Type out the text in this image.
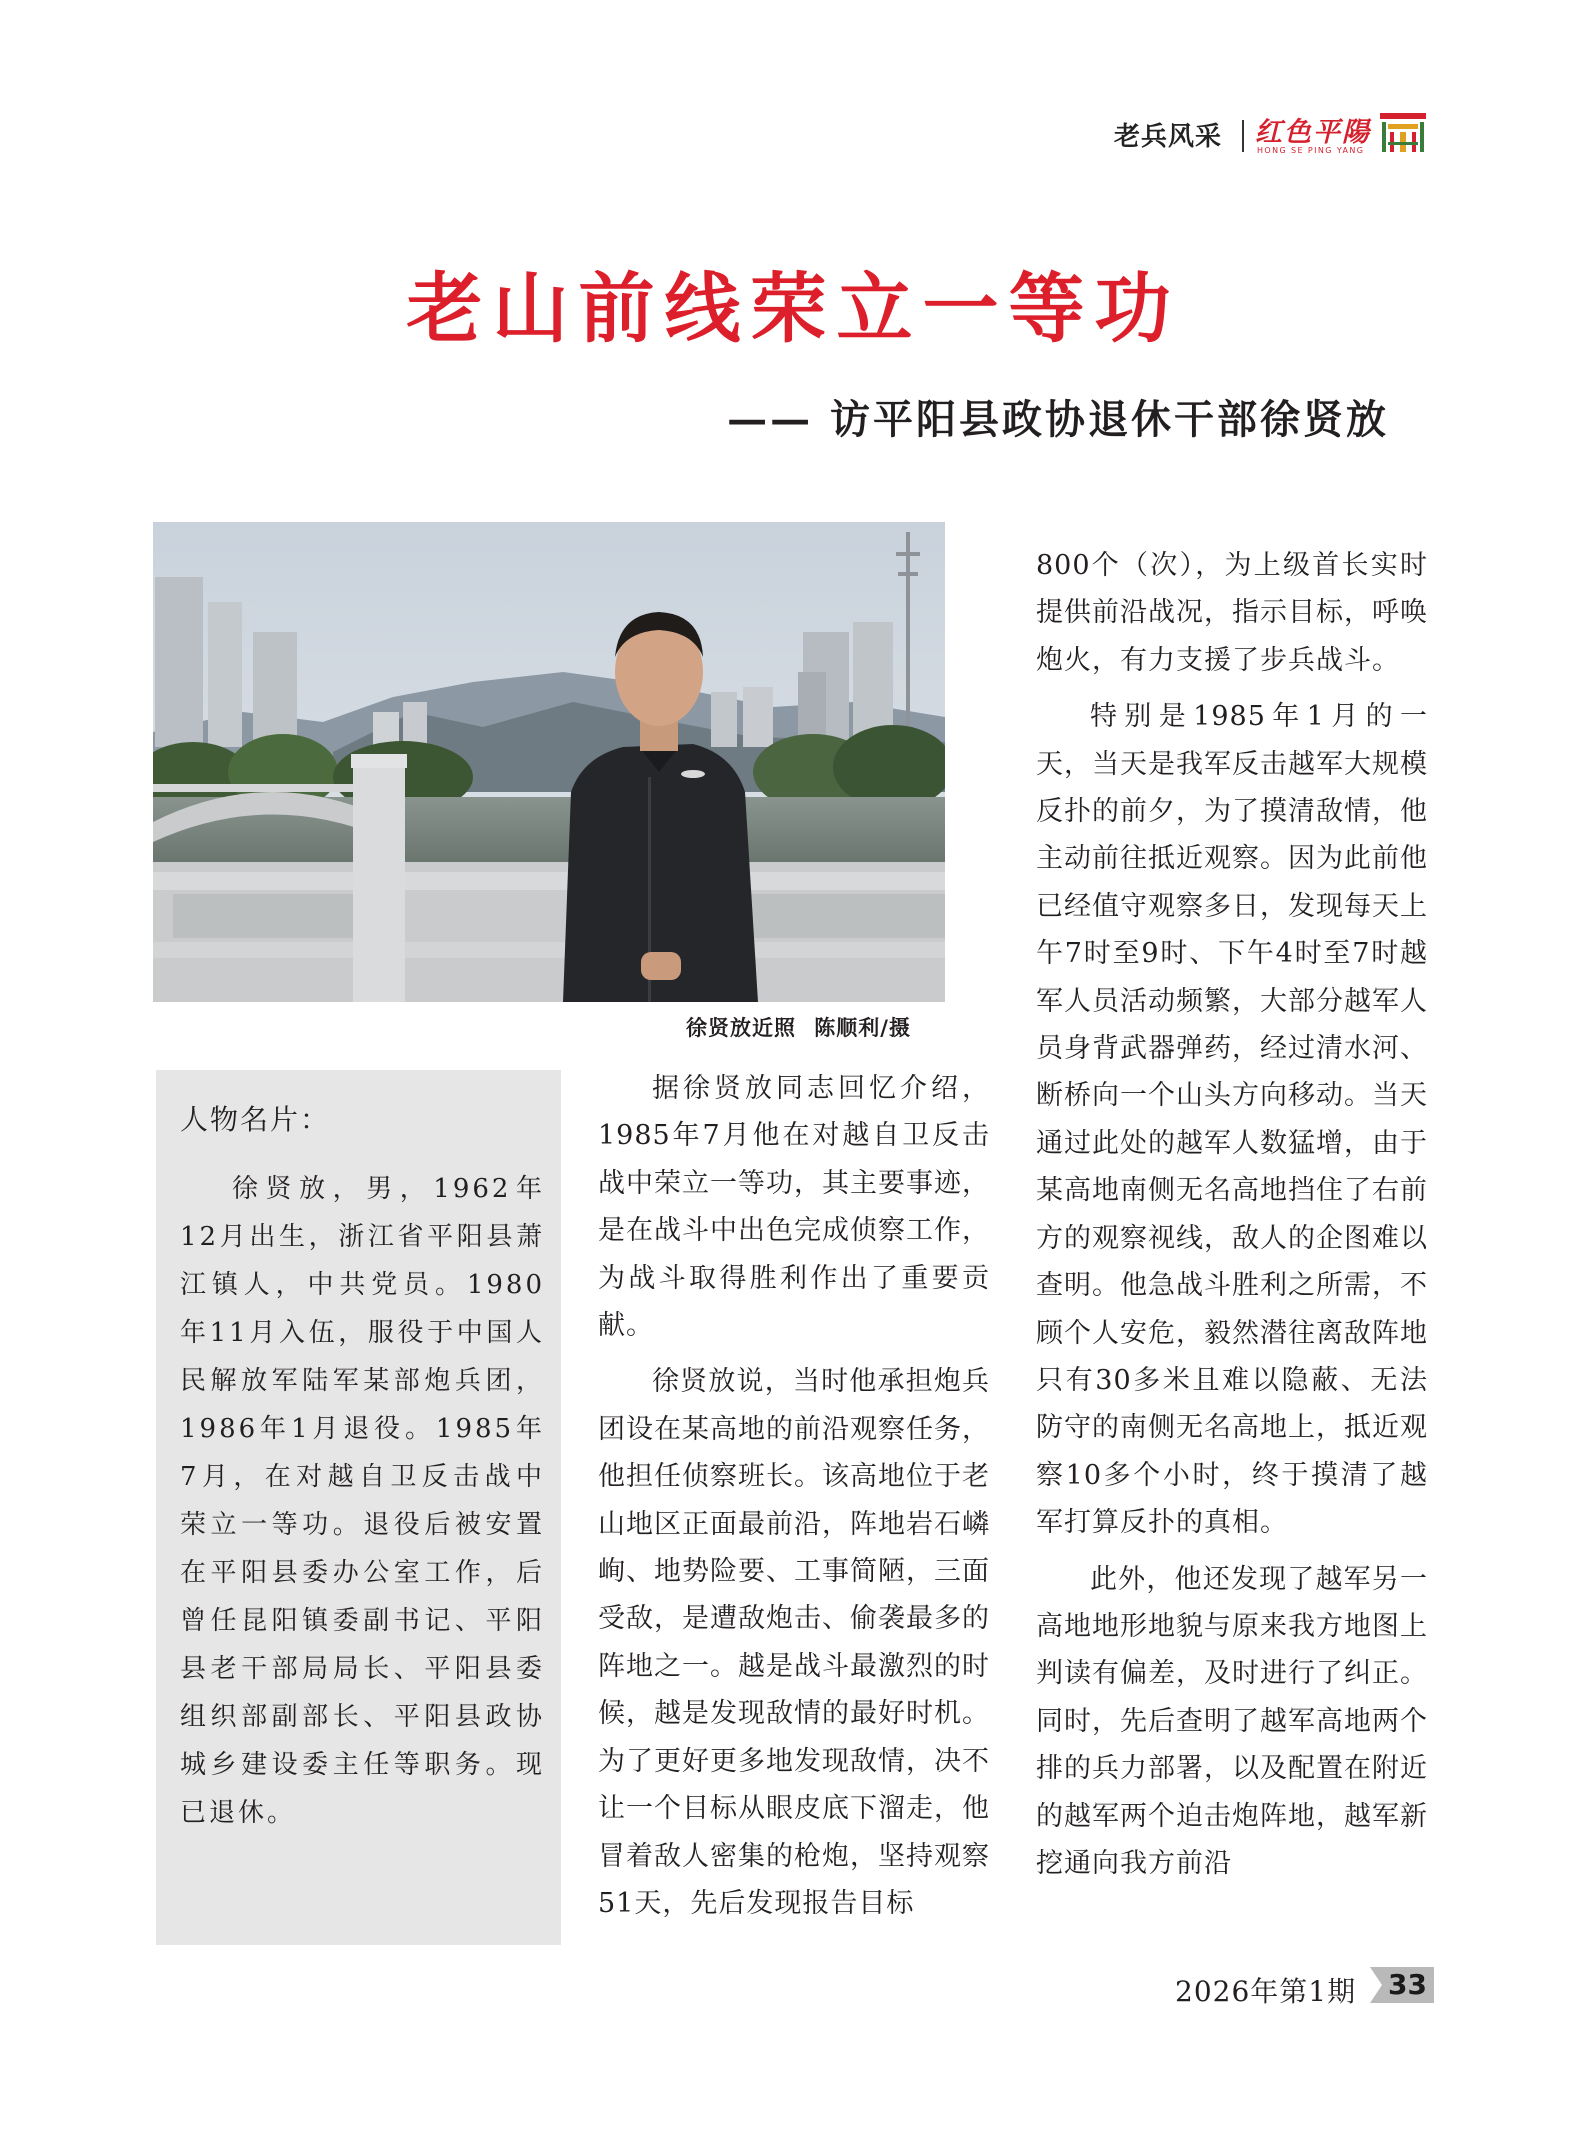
老兵风采 红色平陽
HONG SE PING YANG
老山前线荣立一等功
—— 访平阳县政协退休干部徐贤放
徐贤放近照 陈顺利/摄
人物名片：
徐贤放，男，1962年12月出生，浙江省平阳县萧江镇人，中共党员。1980年11月入伍，服役于中国人民解放军陆军某部炮兵团，1986年1月退役。1985年7月，在对越自卫反击战中荣立一等功。退役后被安置在平阳县委办公室工作，后曾任昆阳镇委副书记、平阳县老干部局局长、平阳县委组织部副部长、平阳县政协城乡建设委主任等职务。现已退休。

据徐贤放同志回忆介绍，1985年7月他在对越自卫反击战中荣立一等功，其主要事迹，是在战斗中出色完成侦察工作，为战斗取得胜利作出了重要贡献。

徐贤放说，当时他承担炮兵团设在某高地的前沿观察任务，他担任侦察班长。该高地位于老山地区正面最前沿，阵地岩石嶙峋、地势险要、工事简陋，三面受敌，是遭敌炮击、偷袭最多的阵地之一。越是战斗最激烈的时候，越是发现敌情的最好时机。为了更好更多地发现敌情，决不让一个目标从眼皮底下溜走，他冒着敌人密集的枪炮，坚持观察51天，先后发现报告目标

800个（次），为上级首长实时提供前沿战况，指示目标，呼唤炮火，有力支援了步兵战斗。

特别是1985年1月的一天，当天是我军反击越军大规模反扑的前夕，为了摸清敌情，他主动前往抵近观察。因为此前他已经值守观察多日，发现每天上午7时至9时、下午4时至7时越军人员活动频繁，大部分越军人员身背武器弹药，经过清水河、断桥向一个山头方向移动。当天通过此处的越军人数猛增，由于某高地南侧无名高地挡住了右前方的观察视线，敌人的企图难以查明。他急战斗胜利之所需，不顾个人安危，毅然潜往离敌阵地只有30多米且难以隐蔽、无法防守的南侧无名高地上，抵近观察10多个小时，终于摸清了越军打算反扑的真相。

此外，他还发现了越军另一高地地形地貌与原来我方地图上判读有偏差，及时进行了纠正。同时，先后查明了越军高地两个排的兵力部署，以及配置在附近的越军两个迫击炮阵地，越军新挖通向我方前沿

2026年第1期 33
